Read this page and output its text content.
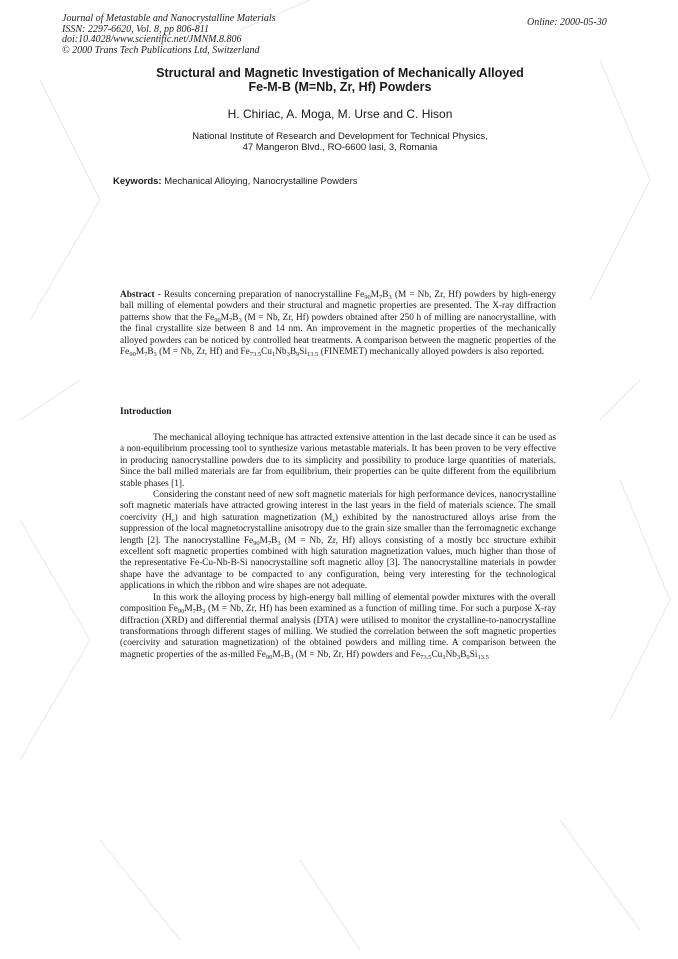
Journal of Metastable and Nanocrystalline Materials
ISSN: 2297-6620, Vol. 8, pp 806-811
doi:10.4028/www.scientific.net/JMNM.8.806
© 2000 Trans Tech Publications Ltd, Switzerland
Online: 2000-05-30
Structural and Magnetic Investigation of Mechanically Alloyed
Fe-M-B (M=Nb, Zr, Hf) Powders
H. Chiriac, A. Moga, M. Urse and C. Hison
National Institute of Research and Development for Technical Physics,
47 Mangeron Blvd., RO-6600 Iasi, 3, Romania
Keywords: Mechanical Alloying, Nanocrystalline Powders
Abstract - Results concerning preparation of nanocrystalline $Fe_{90}M_7B_3$ (M = Nb, Zr, Hf) powders by high-energy ball milling of elemental powders and their structural and magnetic properties are presented. The X-ray diffraction patterns show that the $Fe_{90}M_7B_3$ (M = Nb, Zr, Hf) powders obtained after 250 h of milling are nanocrystalline, with the final crystallite size between 8 and 14 nm. An improvement in the magnetic properties of the mechanically alloyed powders can be noticed by controlled heat treatments. A comparison between the magnetic properties of the $Fe_{90}M_7B_3$ (M = Nb, Zr, Hf) and $Fe_{73.5}Cu_1Nb_3B_9Si_{13.5}$ (FINEMET) mechanically alloyed powders is also reported.
Introduction

The mechanical alloying technique has attracted extensive attention in the last decade since it can be used as a non-equilibrium processing tool to synthesize various metastable materials. It has been proven to be very effective in producing nanocrystalline powders due to its simplicity and possibility to produce large quantities of materials. Since the ball milled materials are far from equilibrium, their properties can be quite different from the equilibrium stable phases [1].

Considering the constant need of new soft magnetic materials for high performance devices, nanocrystalline soft magnetic materials have attracted growing interest in the last years in the field of materials science. The small coercivity $(H_c)$ and high saturation magnetization $(M_s)$ exhibited by the nanostructured alloys arise from the suppression of the local magnetocrystalline anisotropy due to the grain size smaller than the ferromagnetic exchange length [2]. The nanocrystalline $Fe_{90}M_7B_3$ (M = Nb, Zr, Hf) alloys consisting of a mostly bcc structure exhibit excellent soft magnetic properties combined with high saturation magnetization values, much higher than those of the representative Fe-Cu-Nb-B-Si nanocrystalline soft magnetic alloy [3]. The nanocrystalline materials in powder shape have the advantage to be compacted to any configuration, being very interesting for the technological applications in which the ribbon and wire shapes are not adequate.

In this work the alloying process by high-energy ball milling of elemental powder mixtures with the overall composition $Fe_{90}M_7B_3$ (M = Nb, Zr, Hf) has been examined as a function of milling time. For such a purpose X-ray diffraction (XRD) and differential thermal analysis (DTA) were utilised to monitor the crystalline-to-nanocrystalline transformations through different stages of milling. We studied the correlation between the soft magnetic properties (coercivity and saturation magnetization) of the obtained powders and milling time. A comparison between the magnetic properties of the as-milled $Fe_{90}M_7B_3$ (M = Nb, Zr, Hf) powders and $Fe_{73.5}Cu_1Nb_3B_9Si_{13.5}$
